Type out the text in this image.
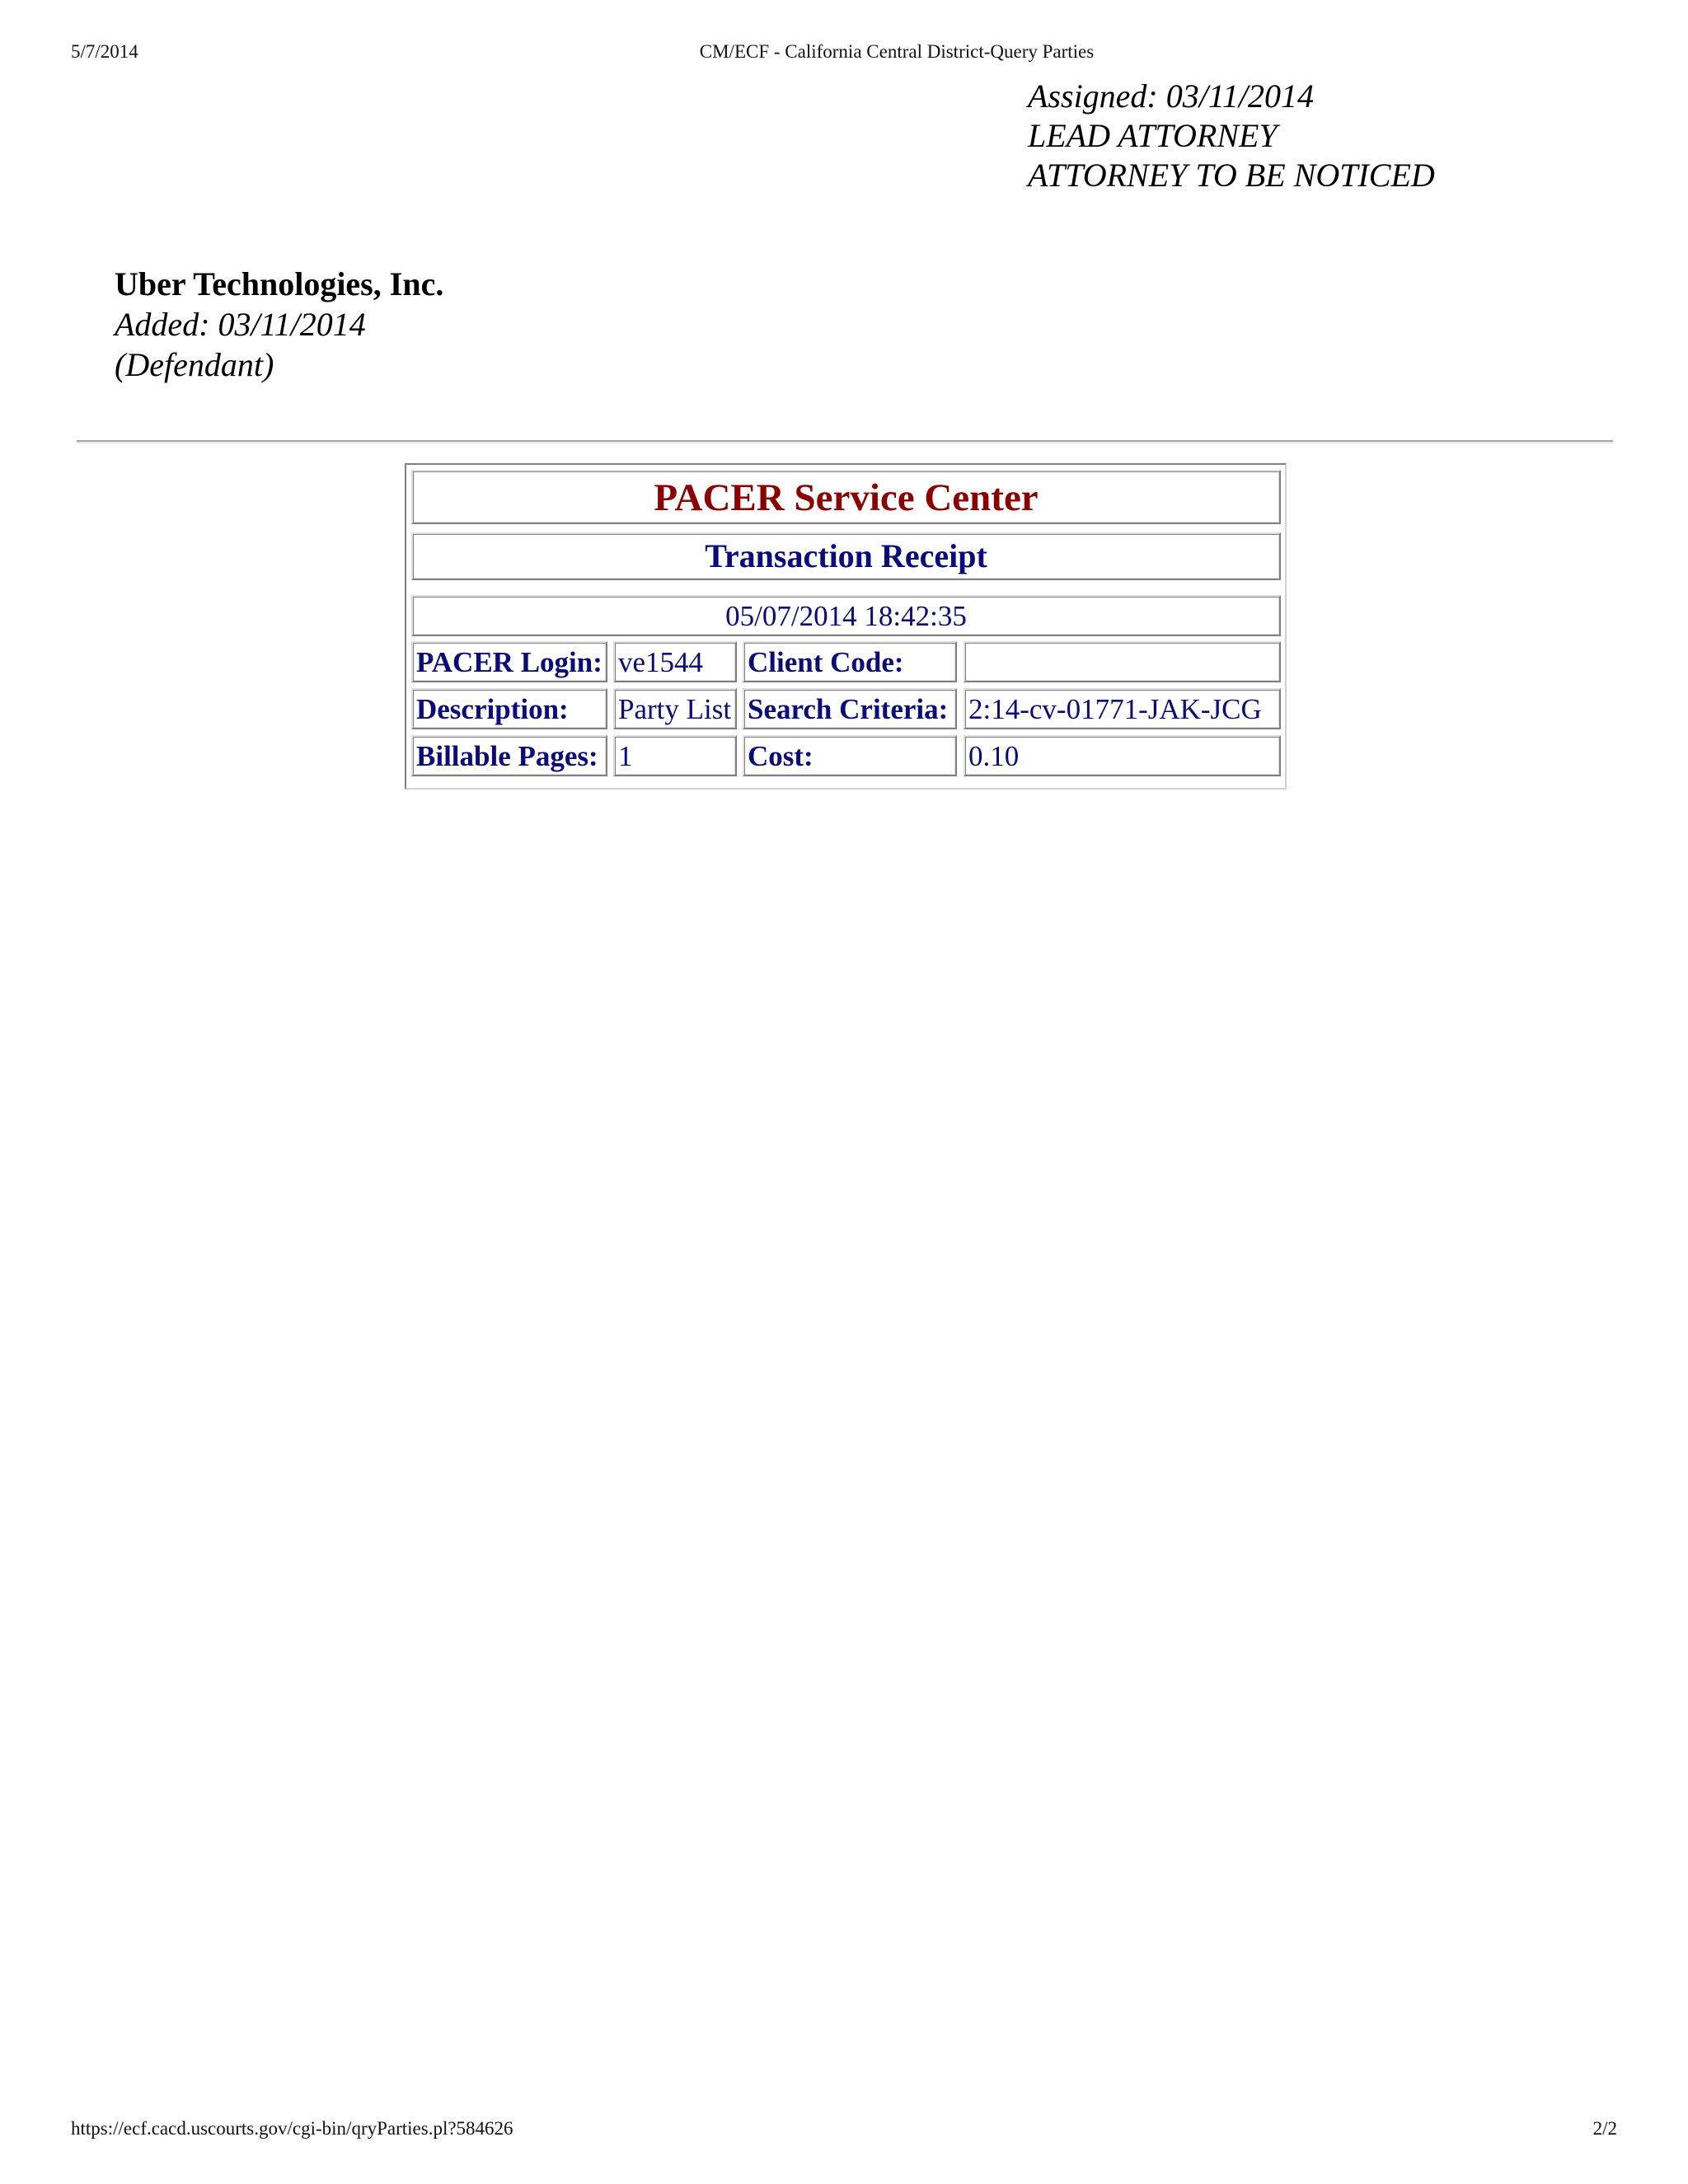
5/7/2014	CM/ECF - California Central District-Query Parties
Assigned: 03/11/2014
LEAD ATTORNEY
ATTORNEY TO BE NOTICED
Uber Technologies, Inc.
Added: 03/11/2014
(Defendant)
PACER Service Center
Transaction Receipt
05/07/2014 18:42:35
PACER Login: ve1544	Client Code:
Description:	Party List Search Criteria: 2:14-cv-01771-JAK-JCG
Billable Pages: 1	Cost:	0.10
https://ecf.cacd.uscourts.gov/cgi-bin/qryParties.pl?584626	2/2
